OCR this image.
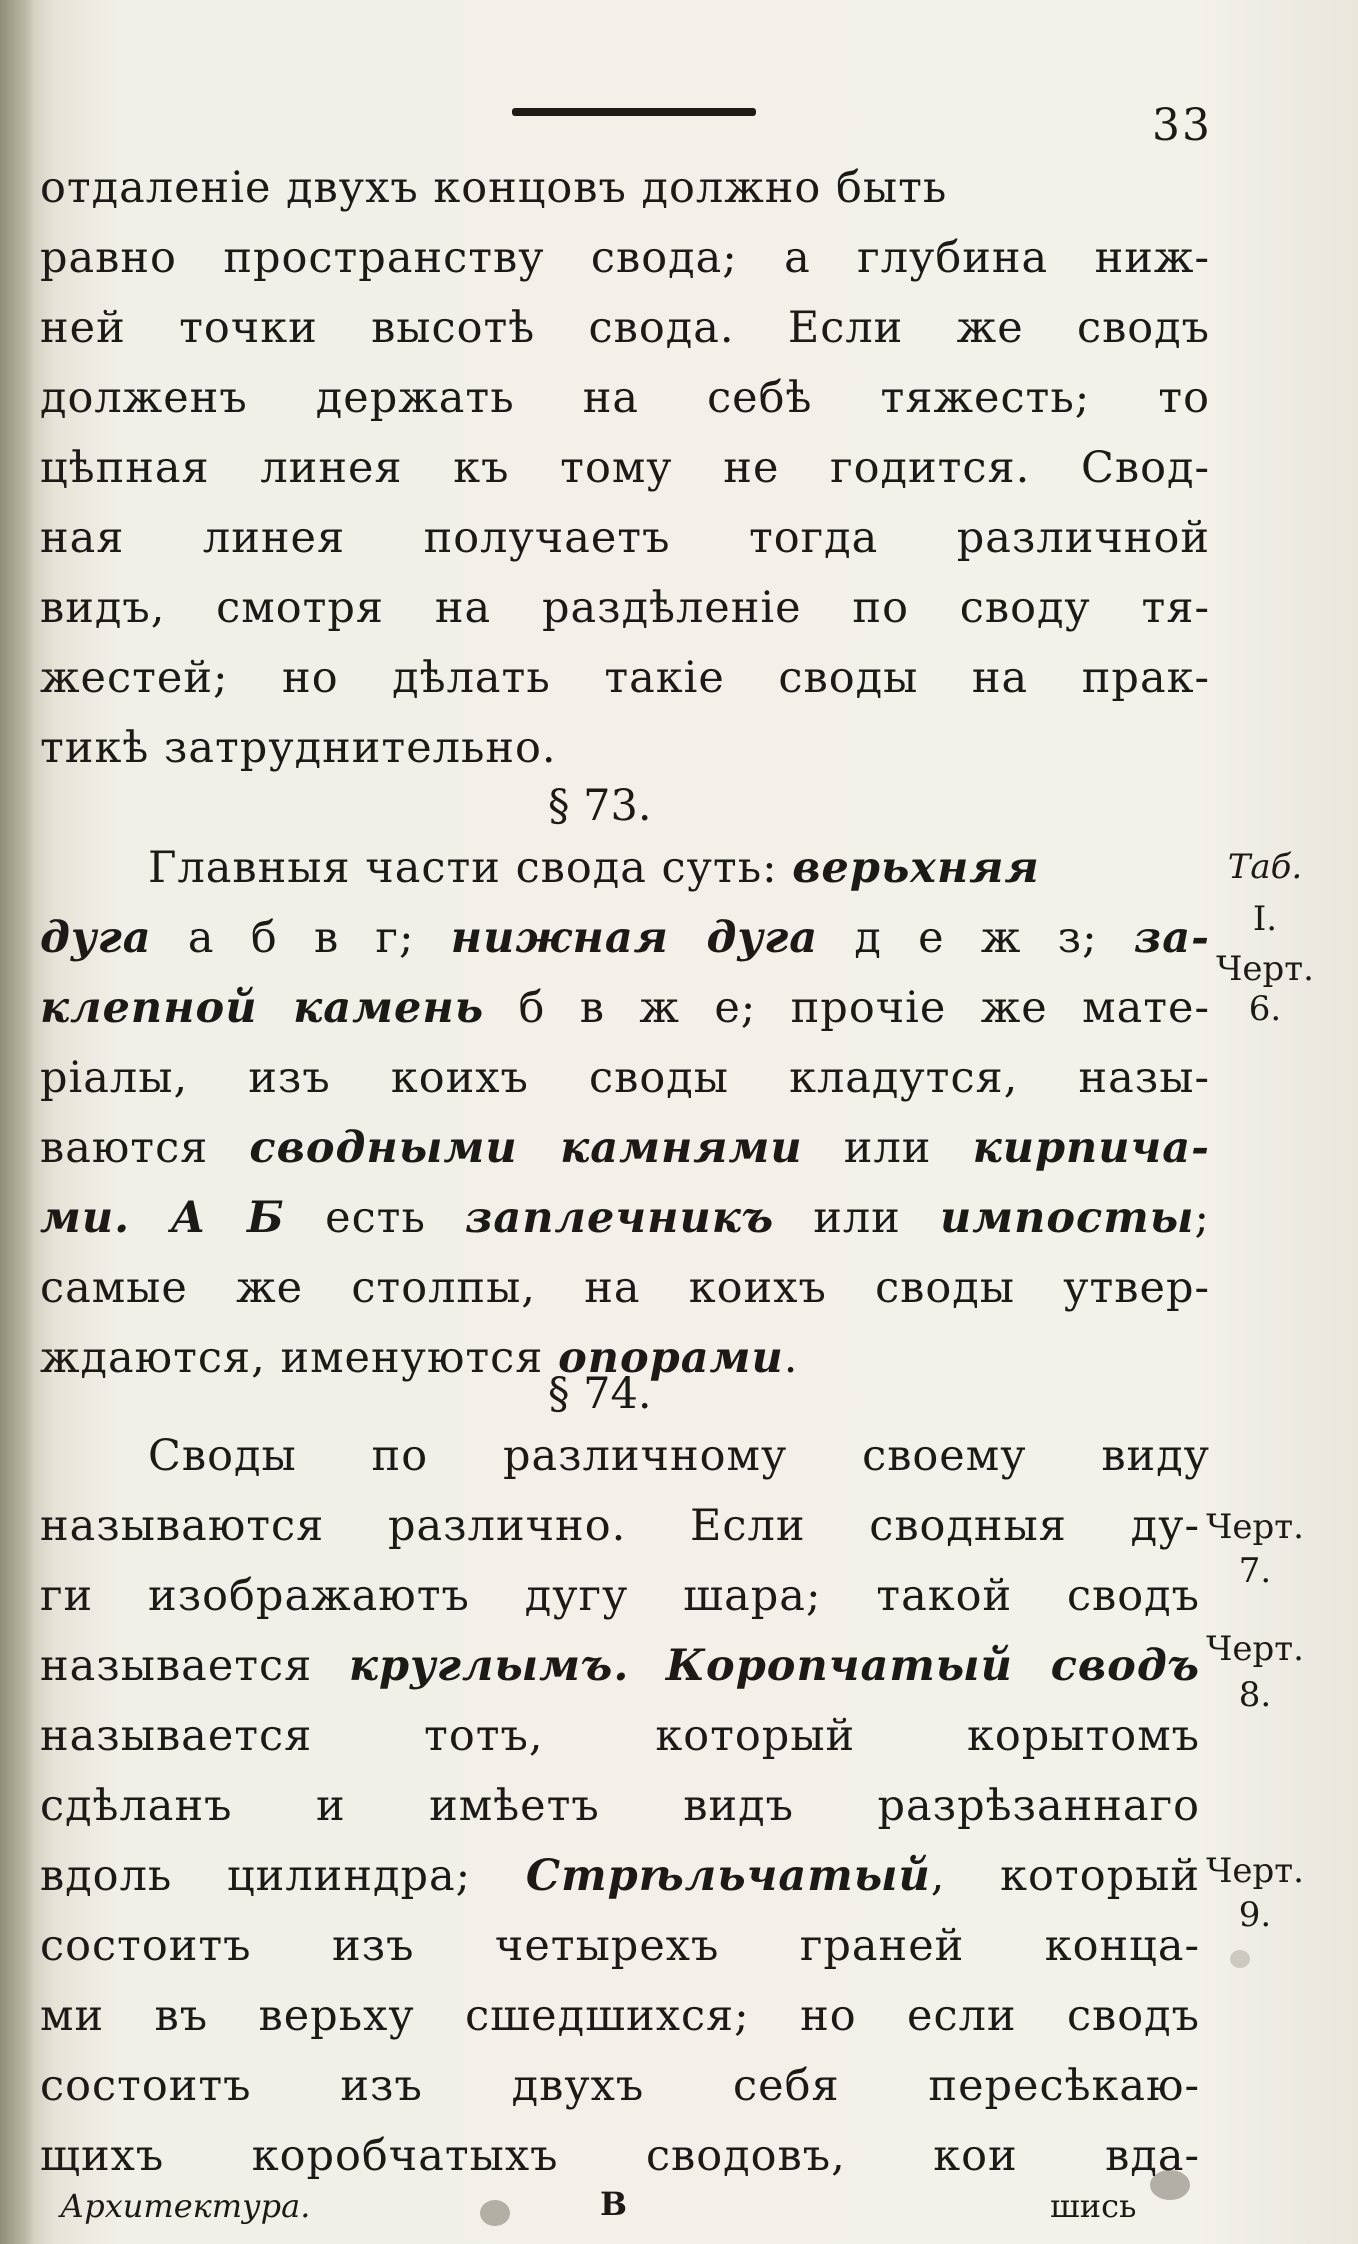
33
отдаленіе двухъ концовъ должно быть
равно пространству свода; а глубина ниж-
ней точки высотѣ свода. Если же сводъ
долженъ держать на себѣ тяжесть; то
цѣпная линея къ тому не годится. Свод-
ная линея получаетъ тогда различной
видъ, смотря на раздѣленіе по своду тя-
жестей; но дѣлать такіе своды на прак-
тикѣ затруднительно.
§ 73.
Главныя части свода суть: верьхняя
дуга а б в г; нижная дуга д е ж з; за-
клепной камень б в ж е; прочіе же мате-
ріалы, изъ коихъ своды кладутся, назы-
ваются сводными камнями или кирпича-
ми. А Б есть заплечникъ или импосты;
самые же столпы, на коихъ своды утвер-
ждаются, именуются опорами.
§ 74.
Своды по различному своему виду
называются различно. Если сводныя ду-
ги изображаютъ дугу шара; такой сводъ
называется круглымъ. Коропчатый сводъ
называется тотъ, который корытомъ
сдѣланъ и имѣетъ видъ разрѣзаннаго
вдоль цилиндра; Стрѣльчатый, который
состоитъ изъ четырехъ граней конца-
ми въ верьху сшедшихся; но если сводъ
состоитъ изъ двухъ себя пересѣкаю-
щихъ коробчатыхъ сводовъ, кои вда-
Таб.
I.
Черт.
6.
Черт.
7.
Черт.
8.
Черт.
9.
Архитектура.	В	шись
